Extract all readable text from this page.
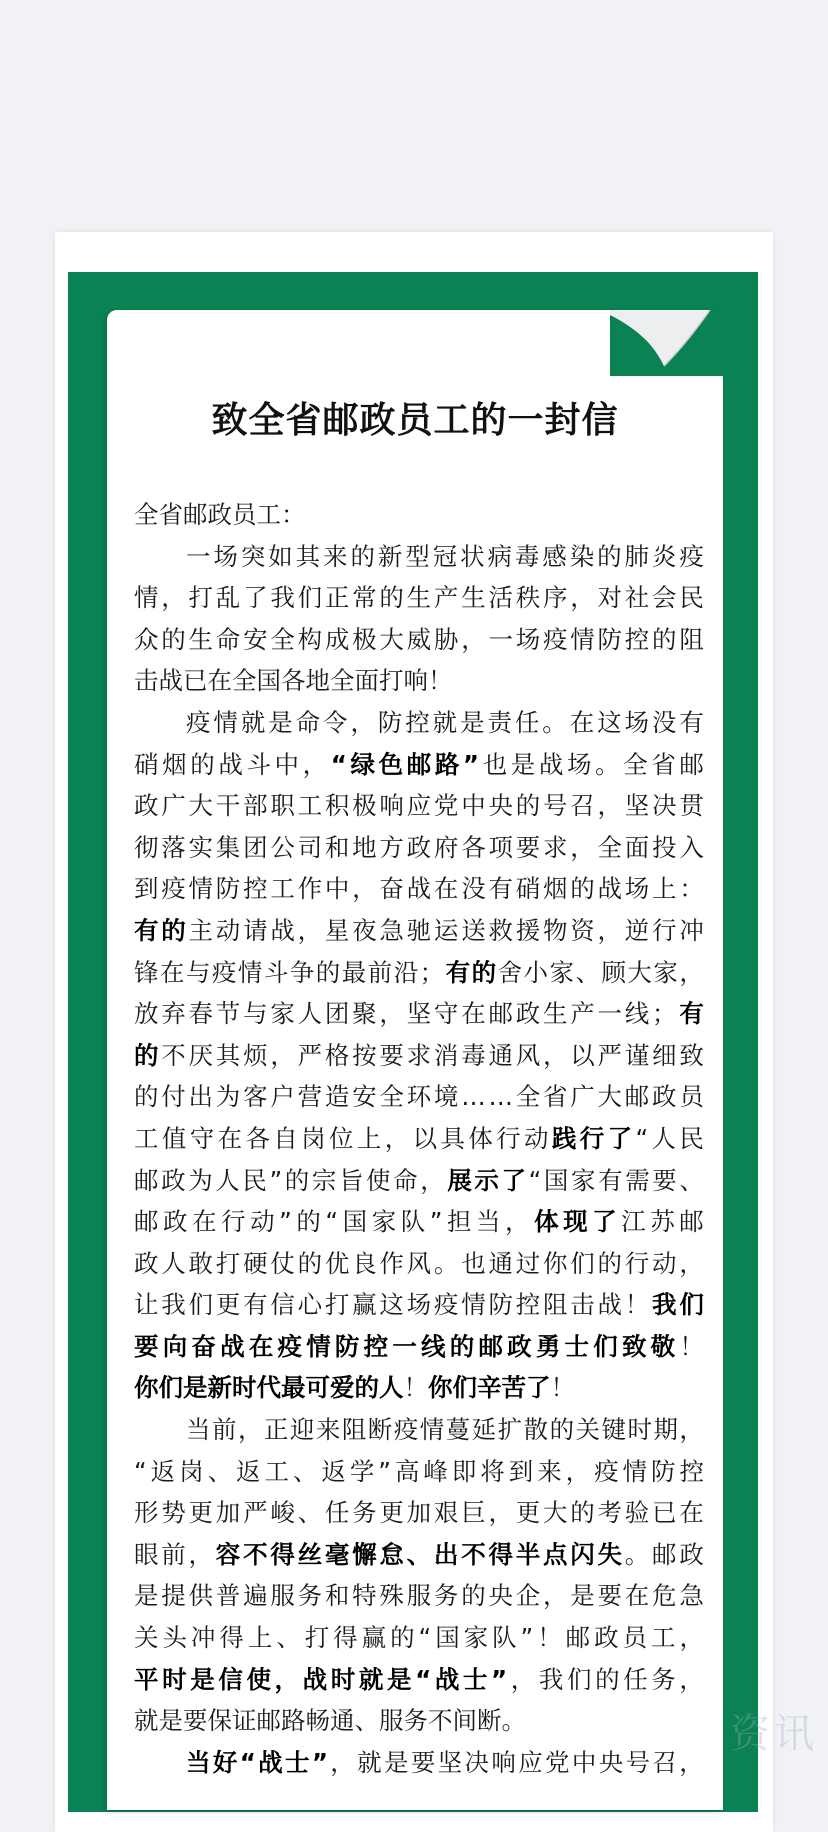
致全省邮政员工的一封信
全省邮政员工：
一 场 突 如 其 来 的 新 型 冠 状 病 毒 感 染 的 肺 炎 疫
情 ， 打 乱 了 我 们 正 常 的 生 产 生 活 秩 序 ， 对 社 会 民
众 的 生 命 安 全 构 成 极 大 威 胁 ， 一 场 疫 情 防 控 的 阻
击战已在全国各地全面打响！
疫 情 就 是 命 令 ， 防 控 就 是 责 任 。 在 这 场 没 有
硝 烟 的 战 斗 中 ， “ 绿 色 邮 路 ” 也 是 战 场 。 全 省 邮
政 广 大 干 部 职 工 积 极 响 应 党 中 央 的 号 召 ， 坚 决 贯
彻 落 实 集 团 公 司 和 地 方 政 府 各 项 要 求 ， 全 面 投 入
到 疫 情 防 控 工 作 中 ， 奋 战 在 没 有 硝 烟 的 战 场 上 ：
有 的 主 动 请 战 ， 星 夜 急 驰 运 送 救 援 物 资 ， 逆 行 冲
锋 在 与 疫 情 斗 争 的 最 前 沿 ； 有 的 舍 小 家 、 顾 大 家 ，
放 弃 春 节 与 家 人 团 聚 ， 坚 守 在 邮 政 生 产 一 线 ； 有
的 不 厌 其 烦 ， 严 格 按 要 求 消 毒 通 风 ， 以 严 谨 细 致
的 付 出 为 客 户 营 造 安 全 环 境 … … 全 省 广 大 邮 政 员
工 值 守 在 各 自 岗 位 上 ， 以 具 体 行 动 践 行 了 “ 人 民
邮 政 为 人 民 ” 的 宗 旨 使 命 ， 展 示 了 “ 国 家 有 需 要 、
邮 政 在 行 动 ” 的 “ 国 家 队 ” 担 当 ， 体 现 了 江 苏 邮
政 人 敢 打 硬 仗 的 优 良 作 风 。 也 通 过 你 们 的 行 动 ，
让 我 们 更 有 信 心 打 赢 这 场 疫 情 防 控 阻 击 战 ！ 我 们
要 向 奋 战 在 疫 情 防 控 一 线 的 邮 政 勇 士 们 致 敬 ！
你们是新时代最可爱的人 ！ 你们辛苦了 ！
当 前 ， 正 迎 来 阻 断 疫 情 蔓 延 扩 散 的 关 键 时 期 ，
“ 返 岗 、 返 工 、 返 学 ” 高 峰 即 将 到 来 ， 疫 情 防 控
形 势 更 加 严 峻 、 任 务 更 加 艰 巨 ， 更 大 的 考 验 已 在
眼 前 ， 容 不 得 丝 毫 懈 怠 、 出 不 得 半 点 闪 失 。 邮 政
是 提 供 普 遍 服 务 和 特 殊 服 务 的 央 企 ， 是 要 在 危 急
关 头 冲 得 上 、 打 得 赢 的 “ 国 家 队 ” ！ 邮 政 员 工 ，
平 时 是 信 使 ， 战 时 就 是 “ 战 士 ” ， 我 们 的 任 务 ，
就是要保证邮路畅通、服务不间断。
当 好 “ 战 士 ” ， 就 是 要 坚 决 响 应 党 中 央 号 召 ，
资讯
